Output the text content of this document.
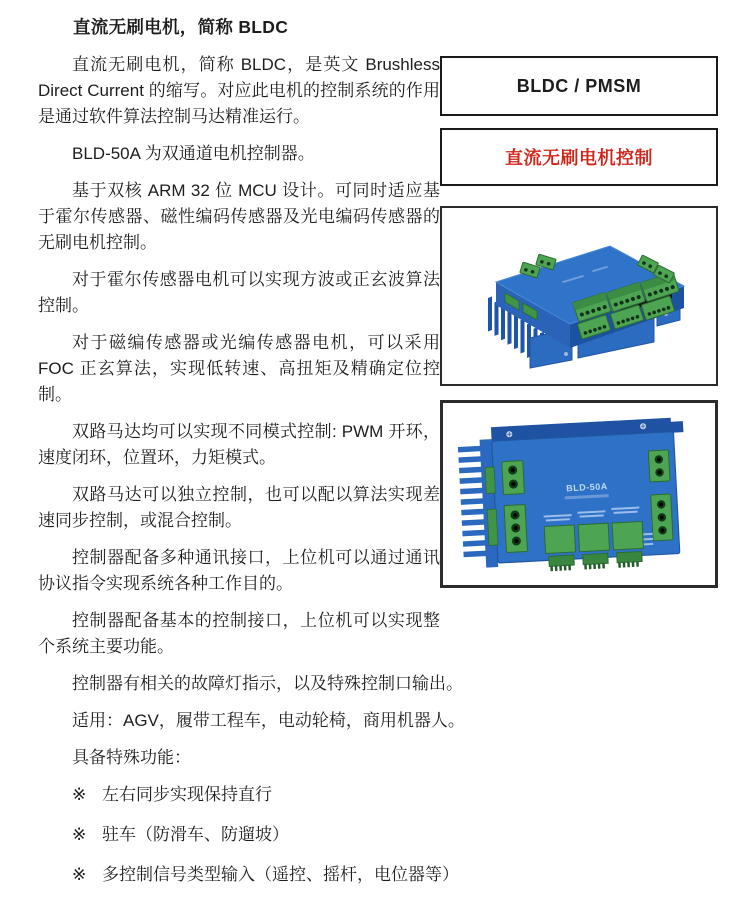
直流无刷电机，简称 BLDC

直流无刷电机，简称 BLDC，是英文 Brushless Direct Current 的缩写。对应此电机的控制系统的作用是通过软件算法控制马达精准运行。

BLD-50A 为双通道电机控制器。

基于双核 ARM 32 位 MCU 设计。可同时适应基于霍尔传感器、磁性编码传感器及光电编码传感器的无刷电机控制。

对于霍尔传感器电机可以实现方波或正玄波算法控制。

对于磁编传感器或光编传感器电机，可以采用 FOC 正玄算法，实现低转速、高扭矩及精确定位控制。

双路马达均可以实现不同模式控制: PWM 开环，速度闭环，位置环，力矩模式。

双路马达可以独立控制，也可以配以算法实现差速同步控制，或混合控制。

控制器配备多种通讯接口，上位机可以通过通讯协议指令实现系统各种工作目的。

控制器配备基本的控制接口，上位机可以实现整个系统主要功能。

控制器有相关的故障灯指示，以及特殊控制口输出。

适用：AGV，履带工程车，电动轮椅，商用机器人。

具备特殊功能：

※ 左右同步实现保持直行
※ 驻车（防滑车、防遛坡）
※ 多控制信号类型输入（遥控、摇杆，电位器等）
BLDC / PMSM
直流无刷电机控制
BLD-50A
